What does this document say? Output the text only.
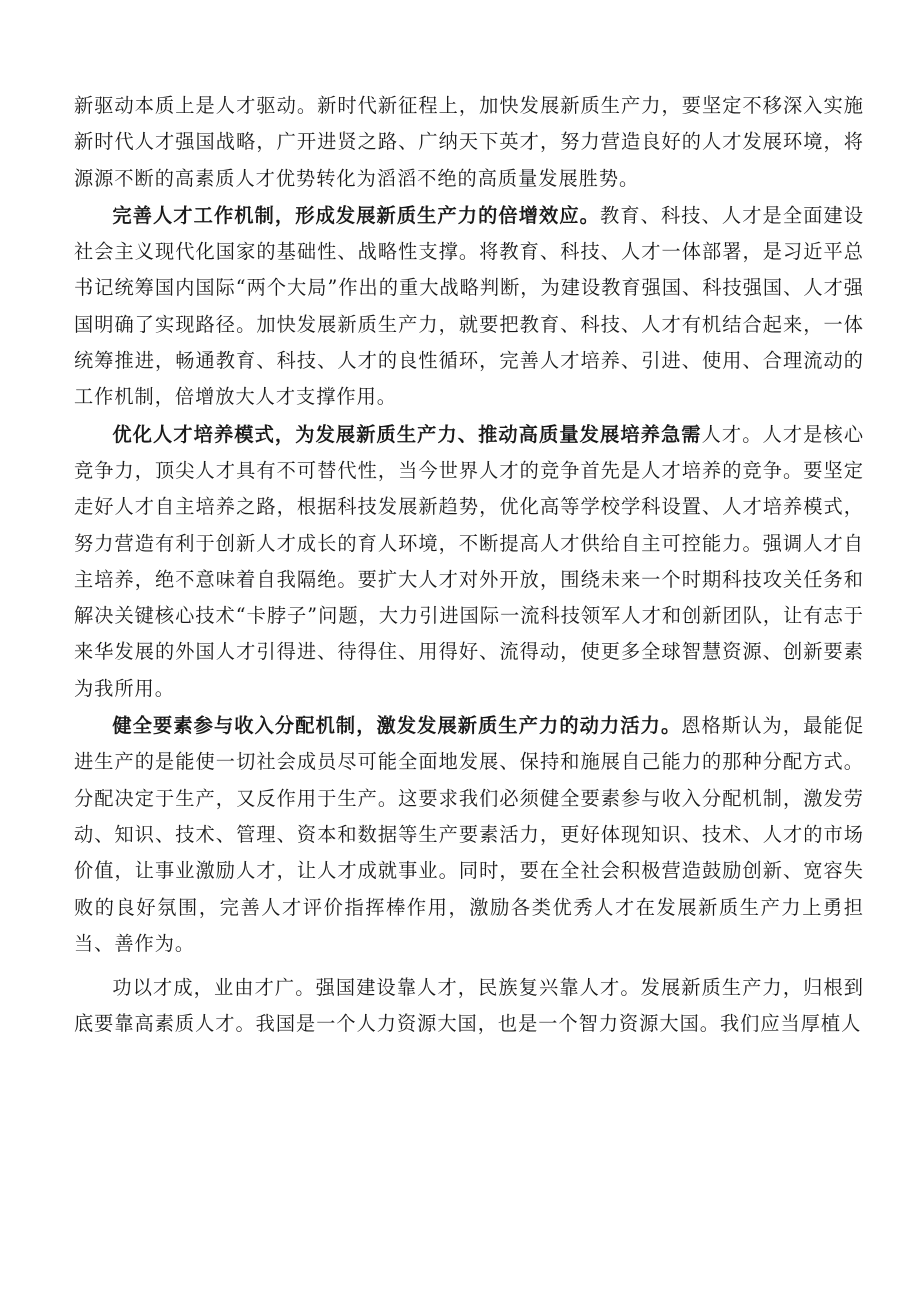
新驱动本质上是人才驱动。新时代新征程上，加快发展新质生产力，要坚定不移深入实施新时代人才强国战略，广开进贤之路、广纳天下英才，努力营造良好的人才发展环境，将源源不断的高素质人才优势转化为滔滔不绝的高质量发展胜势。

完善人才工作机制，形成发展新质生产力的倍增效应。教育、科技、人才是全面建设社会主义现代化国家的基础性、战略性支撑。将教育、科技、人才一体部署，是习近平总书记统筹国内国际“两个大局”作出的重大战略判断，为建设教育强国、科技强国、人才强国明确了实现路径。加快发展新质生产力，就要把教育、科技、人才有机结合起来，一体统筹推进，畅通教育、科技、人才的良性循环，完善人才培养、引进、使用、合理流动的工作机制，倍增放大人才支撑作用。

优化人才培养模式，为发展新质生产力、推动高质量发展培养急需人才。人才是核心竞争力，顶尖人才具有不可替代性，当今世界人才的竞争首先是人才培养的竞争。要坚定走好人才自主培养之路，根据科技发展新趋势，优化高等学校学科设置、人才培养模式，努力营造有利于创新人才成长的育人环境，不断提高人才供给自主可控能力。强调人才自主培养，绝不意味着自我隔绝。要扩大人才对外开放，围绕未来一个时期科技攻关任务和解决关键核心技术“卡脖子”问题，大力引进国际一流科技领军人才和创新团队，让有志于来华发展的外国人才引得进、待得住、用得好、流得动，使更多全球智慧资源、创新要素为我所用。

健全要素参与收入分配机制，激发发展新质生产力的动力活力。恩格斯认为，最能促进生产的是能使一切社会成员尽可能全面地发展、保持和施展自己能力的那种分配方式。分配决定于生产，又反作用于生产。这要求我们必须健全要素参与收入分配机制，激发劳动、知识、技术、管理、资本和数据等生产要素活力，更好体现知识、技术、人才的市场价值，让事业激励人才，让人才成就事业。同时，要在全社会积极营造鼓励创新、宽容失败的良好氛围，完善人才评价指挥棒作用，激励各类优秀人才在发展新质生产力上勇担当、善作为。

功以才成，业由才广。强国建设靠人才，民族复兴靠人才。发展新质生产力，归根到底要靠高素质人才。我国是一个人力资源大国，也是一个智力资源大国。我们应当厚植人
